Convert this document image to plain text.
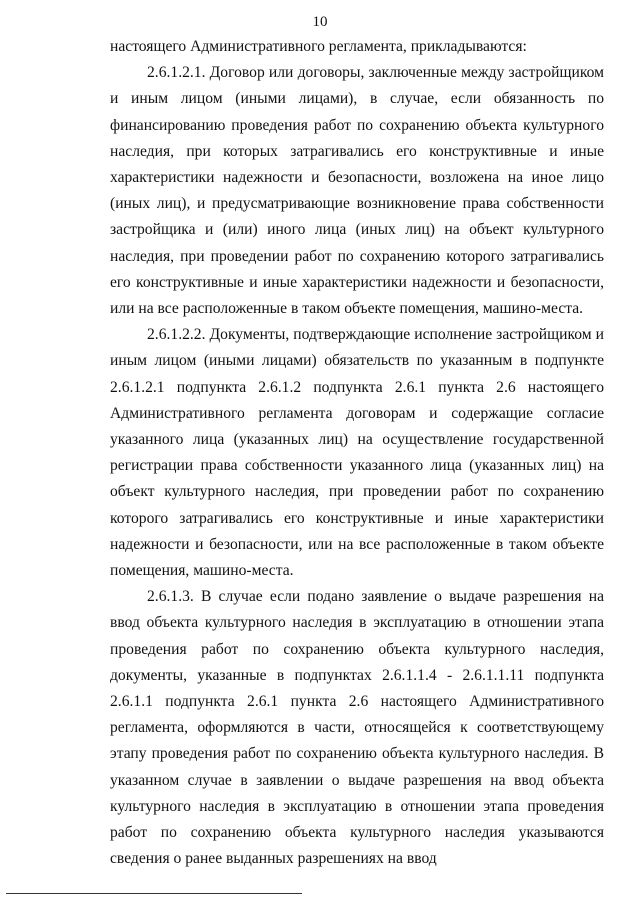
10

настоящего Административного регламента, прикладываются:

2.6.1.2.1. Договор или договоры, заключенные между застройщиком и иным лицом (иными лицами), в случае, если обязанность по финансированию проведения работ по сохранению объекта культурного наследия, при которых затрагивались его конструктивные и иные характеристики надежности и безопасности, возложена на иное лицо (иных лиц), и предусматривающие возникновение права собственности застройщика и (или) иного лица (иных лиц) на объект культурного наследия, при проведении работ по сохранению которого затрагивались его конструктивные и иные характеристики надежности и безопасности, или на все расположенные в таком объекте помещения, машино-места.

2.6.1.2.2. Документы, подтверждающие исполнение застройщиком и иным лицом (иными лицами) обязательств по указанным в подпункте 2.6.1.2.1 подпункта 2.6.1.2 подпункта 2.6.1 пункта 2.6 настоящего Административного регламента договорам и содержащие согласие указанного лица (указанных лиц) на осуществление государственной регистрации права собственности указанного лица (указанных лиц) на объект культурного наследия, при проведении работ по сохранению которого затрагивались его конструктивные и иные характеристики надежности и безопасности, или на все расположенные в таком объекте помещения, машино-места.

2.6.1.3. В случае если подано заявление о выдаче разрешения на ввод объекта культурного наследия в эксплуатацию в отношении этапа проведения работ по сохранению объекта культурного наследия, документы, указанные в подпунктах 2.6.1.1.4 - 2.6.1.1.11 подпункта 2.6.1.1 подпункта 2.6.1 пункта 2.6 настоящего Административного регламента, оформляются в части, относящейся к соответствующему этапу проведения работ по сохранению объекта культурного наследия. В указанном случае в заявлении о выдаче разрешения на ввод объекта культурного наследия в эксплуатацию в отношении этапа проведения работ по сохранению объекта культурного наследия указываются сведения о ранее выданных разрешениях на ввод
